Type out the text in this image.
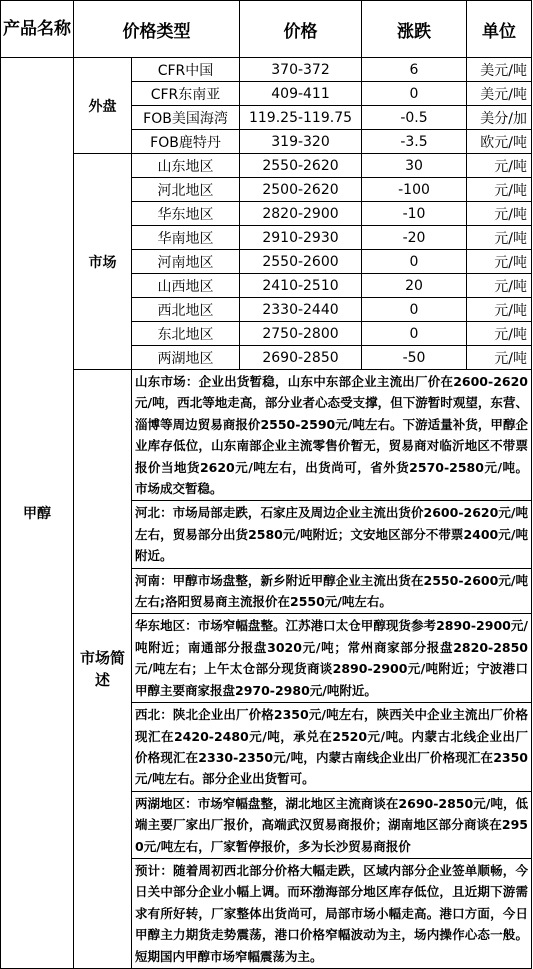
产品名称	价格类型		价格	涨跌	单位
甲醇	外盘	CFR中国	370-372	6	美元/吨
		CFR东南亚	409-411	0	美元/吨
		FOB美国海湾	119.25-119.75	-0.5	美分/加
		FOB鹿特丹	319-320	-3.5	欧元/吨
	市场	山东地区	2550-2620	30	元/吨
		河北地区	2500-2620	-100	元/吨
		华东地区	2820-2900	-10	元/吨
		华南地区	2910-2930	-20	元/吨
		河南地区	2550-2600	0	元/吨
		山西地区	2410-2510	20	元/吨
		西北地区	2330-2440	0	元/吨
		东北地区	2750-2800	0	元/吨
		两湖地区	2690-2850	-50	元/吨
	市场简述	山东市场：企业出货暂稳，山东中东部企业主流出厂价在2600-2620元/吨，西北等地走高，部分业者心态受支撑，但下游暂时观望，东营、淄博等周边贸易商报价2550-2590元/吨左右。下游适量补货，甲醇企业库存低位，山东南部企业主流零售价暂无，贸易商对临沂地区不带票报价当地货2620元/吨左右，出货尚可，省外货2570-2580元/吨。市场成交暂稳。			
		河北：市场局部走跌，石家庄及周边企业主流出货价2600-2620元/吨左右，贸易部分出货2580元/吨附近；文安地区部分不带票2400元/吨附近。			
		河南：甲醇市场盘整，新乡附近甲醇企业主流出货在2550-2600元/吨左右;洛阳贸易商主流报价在2550元/吨左右。			
		华东地区：市场窄幅盘整。江苏港口太仓甲醇现货参考2890-2900元/吨附近；南通部分报盘3020元/吨；常州商家部分报盘2820-2850元/吨左右；上午太仓部分现货商谈2890-2900元/吨附近；宁波港口甲醇主要商家报盘2970-2980元/吨附近。			
		西北：陕北企业出厂价格2350元/吨左右，陕西关中企业主流出厂价格现汇在2420-2480元/吨，承兑在2520元/吨。内蒙古北线企业出厂价格现汇在2330-2350元/吨，内蒙古南线企业出厂价格现汇在2350元/吨左右。部分企业出货暂可。			
		两湖地区：市场窄幅盘整，湖北地区主流商谈在2690-2850元/吨，低端主要厂家出厂报价，高端武汉贸易商报价；湖南地区部分商谈在2950元/吨左右，厂家暂停报价，多为长沙贸易商报价			
		预计：随着周初西北部分价格大幅走跌，区域内部分企业签单顺畅，今日关中部分企业小幅上调。而环渤海部分地区库存低位，且近期下游需求有所好转，厂家整体出货尚可，局部市场小幅走高。港口方面，今日甲醇主力期货走势震荡，港口价格窄幅波动为主，场内操作心态一般。短期国内甲醇市场窄幅震荡为主。			
